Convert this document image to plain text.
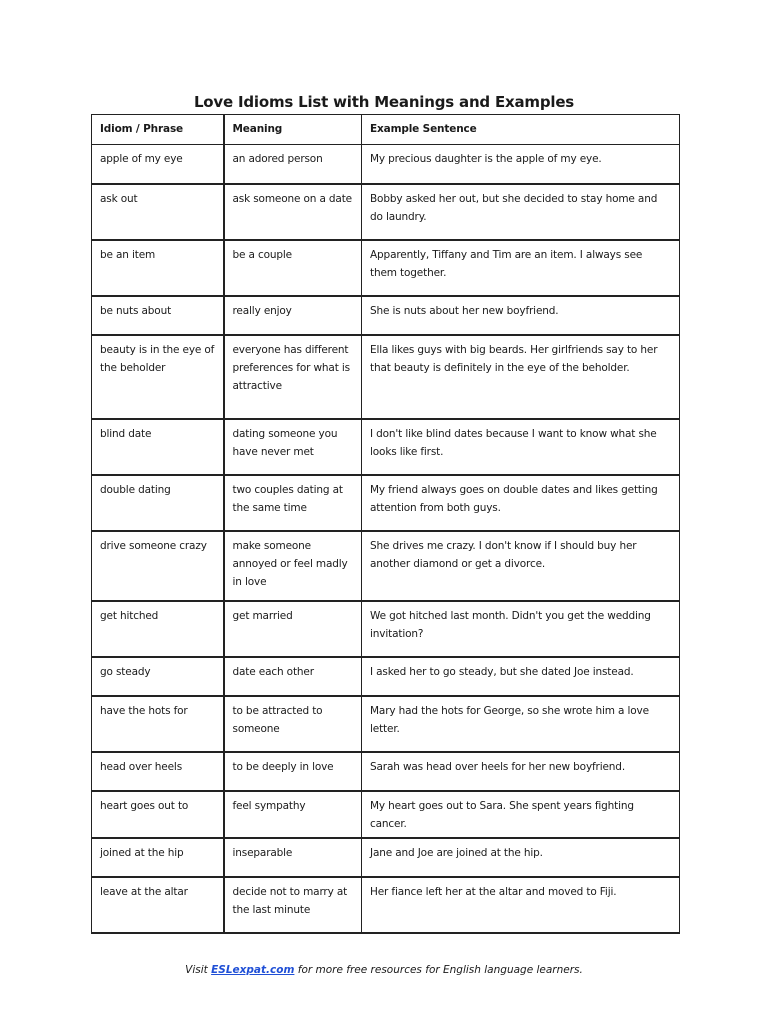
Love Idioms List with Meanings and Examples
Idiom / Phrase	Meaning	Example Sentence
apple of my eye	an adored person	My precious daughter is the apple of my eye.
ask out	ask someone on a date	Bobby asked her out, but she decided to stay home and do laundry.
be an item	be a couple	Apparently, Tiffany and Tim are an item. I always see them together.
be nuts about	really enjoy	She is nuts about her new boyfriend.
beauty is in the eye of the beholder	everyone has different preferences for what is attractive	Ella likes guys with big beards. Her girlfriends say to her that beauty is definitely in the eye of the beholder.
blind date	dating someone you have never met	I don't like blind dates because I want to know what she looks like first.
double dating	two couples dating at the same time	My friend always goes on double dates and likes getting attention from both guys.
drive someone crazy	make someone annoyed or feel madly in love	She drives me crazy. I don't know if I should buy her another diamond or get a divorce.
get hitched	get married	We got hitched last month. Didn't you get the wedding invitation?
go steady	date each other	I asked her to go steady, but she dated Joe instead.
have the hots for	to be attracted to someone	Mary had the hots for George, so she wrote him a love letter.
head over heels	to be deeply in love	Sarah was head over heels for her new boyfriend.
heart goes out to	feel sympathy	My heart goes out to Sara. She spent years fighting cancer.
joined at the hip	inseparable	Jane and Joe are joined at the hip.
leave at the altar	decide not to marry at the last minute	Her fiance left her at the altar and moved to Fiji.
Visit ESLexpat.com for more free resources for English language learners.
